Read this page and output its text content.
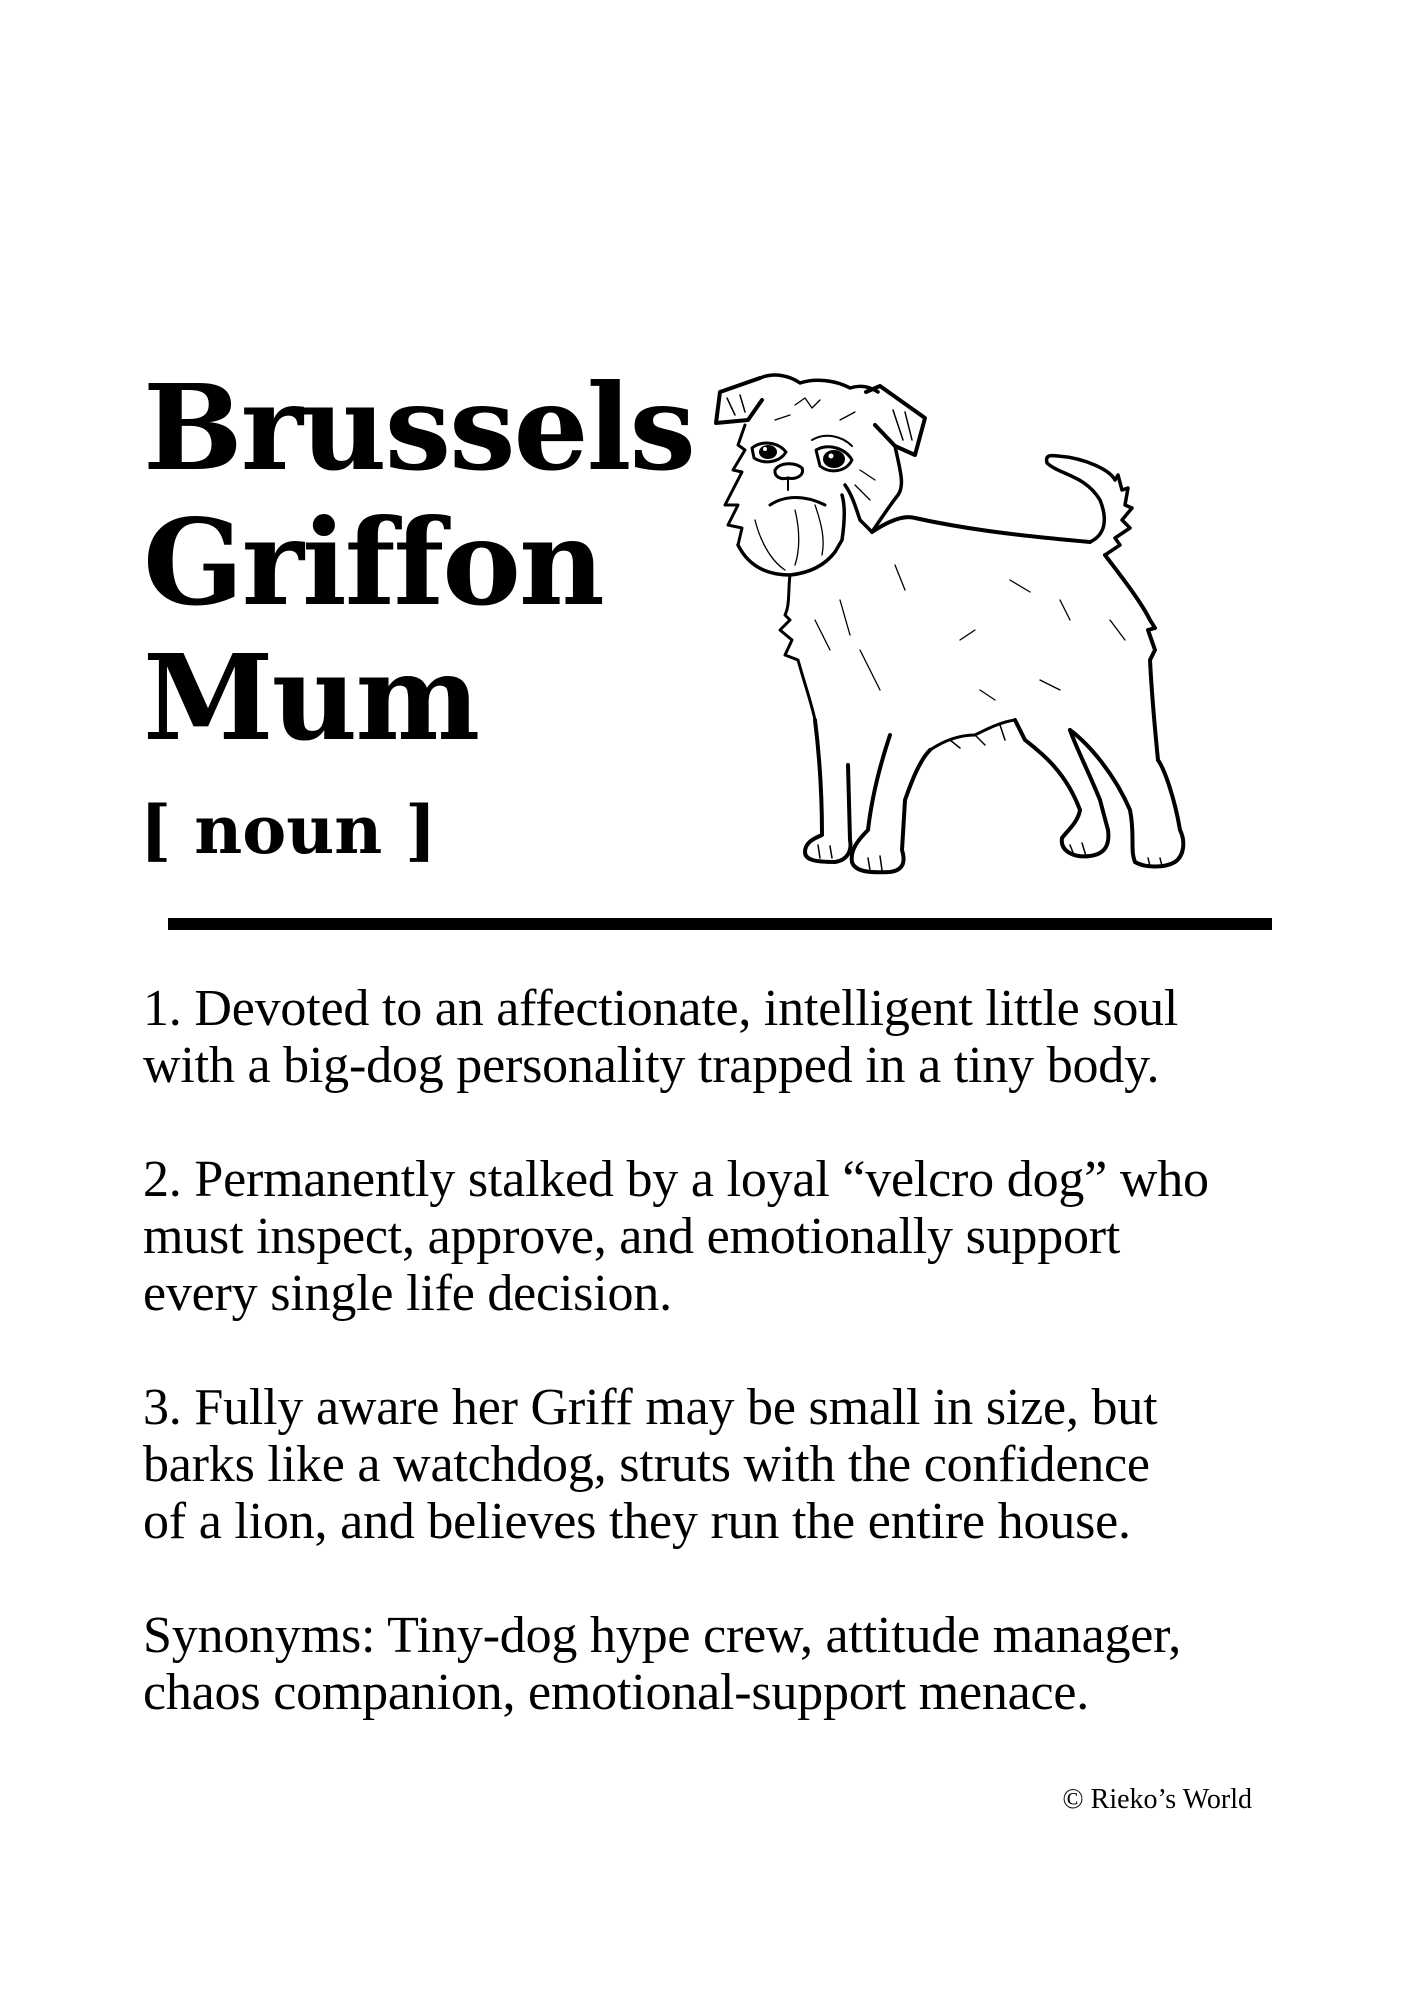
Brussels
Griffon
Mum
[ noun ]

1. Devoted to an affectionate, intelligent little soul
with a big-dog personality trapped in a tiny body.

2. Permanently stalked by a loyal “velcro dog” who
must inspect, approve, and emotionally support
every single life decision.

3. Fully aware her Griff may be small in size, but
barks like a watchdog, struts with the confidence
of a lion, and believes they run the entire house.

Synonyms: Tiny-dog hype crew, attitude manager,
chaos companion, emotional-support menace.

© Rieko’s World
